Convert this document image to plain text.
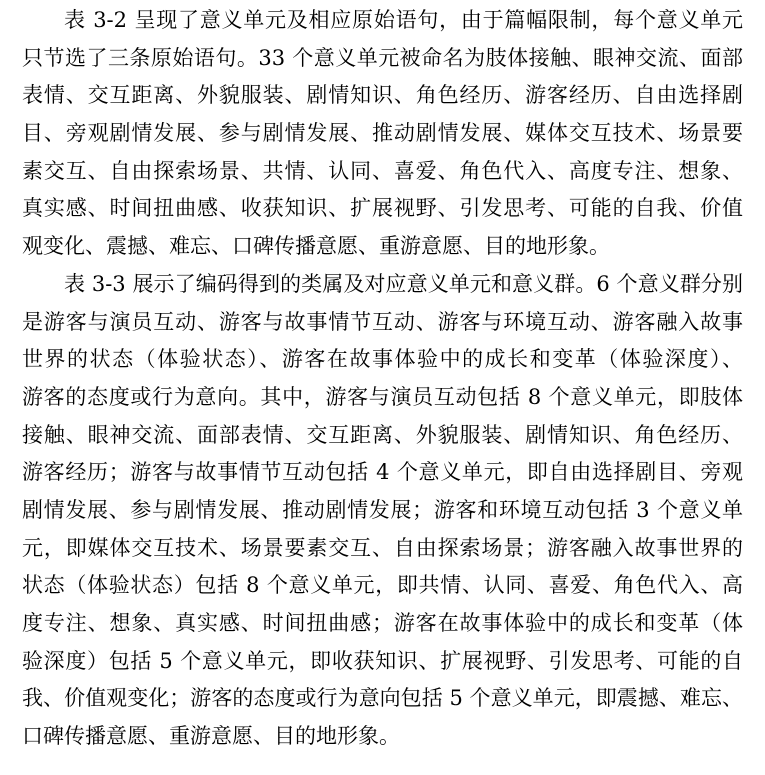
表 3-2 呈现了意义单元及相应原始语句，由于篇幅限制，每个意义单元
只节选了三条原始语句。33 个意义单元被命名为肢体接触、眼神交流、面部
表情、交互距离、外貌服装、剧情知识、角色经历、游客经历、自由选择剧
目、旁观剧情发展、参与剧情发展、推动剧情发展、媒体交互技术、场景要
素交互、自由探索场景、共情、认同、喜爱、角色代入、高度专注、想象、
真实感、时间扭曲感、收获知识、扩展视野、引发思考、可能的自我、价值
观变化、震撼、难忘、口碑传播意愿、重游意愿、目的地形象。
表 3-3 展示了编码得到的类属及对应意义单元和意义群。6 个意义群分别
是游客与演员互动、游客与故事情节互动、游客与环境互动、游客融入故事
世界的状态（体验状态）、游客在故事体验中的成长和变革（体验深度）、
游客的态度或行为意向。其中，游客与演员互动包括 8 个意义单元，即肢体
接触、眼神交流、面部表情、交互距离、外貌服装、剧情知识、角色经历、
游客经历；游客与故事情节互动包括 4 个意义单元，即自由选择剧目、旁观
剧情发展、参与剧情发展、推动剧情发展；游客和环境互动包括 3 个意义单
元，即媒体交互技术、场景要素交互、自由探索场景；游客融入故事世界的
状态（体验状态）包括 8 个意义单元，即共情、认同、喜爱、角色代入、高
度专注、想象、真实感、时间扭曲感；游客在故事体验中的成长和变革（体
验深度）包括 5 个意义单元，即收获知识、扩展视野、引发思考、可能的自
我、价值观变化；游客的态度或行为意向包括 5 个意义单元，即震撼、难忘、
口碑传播意愿、重游意愿、目的地形象。
